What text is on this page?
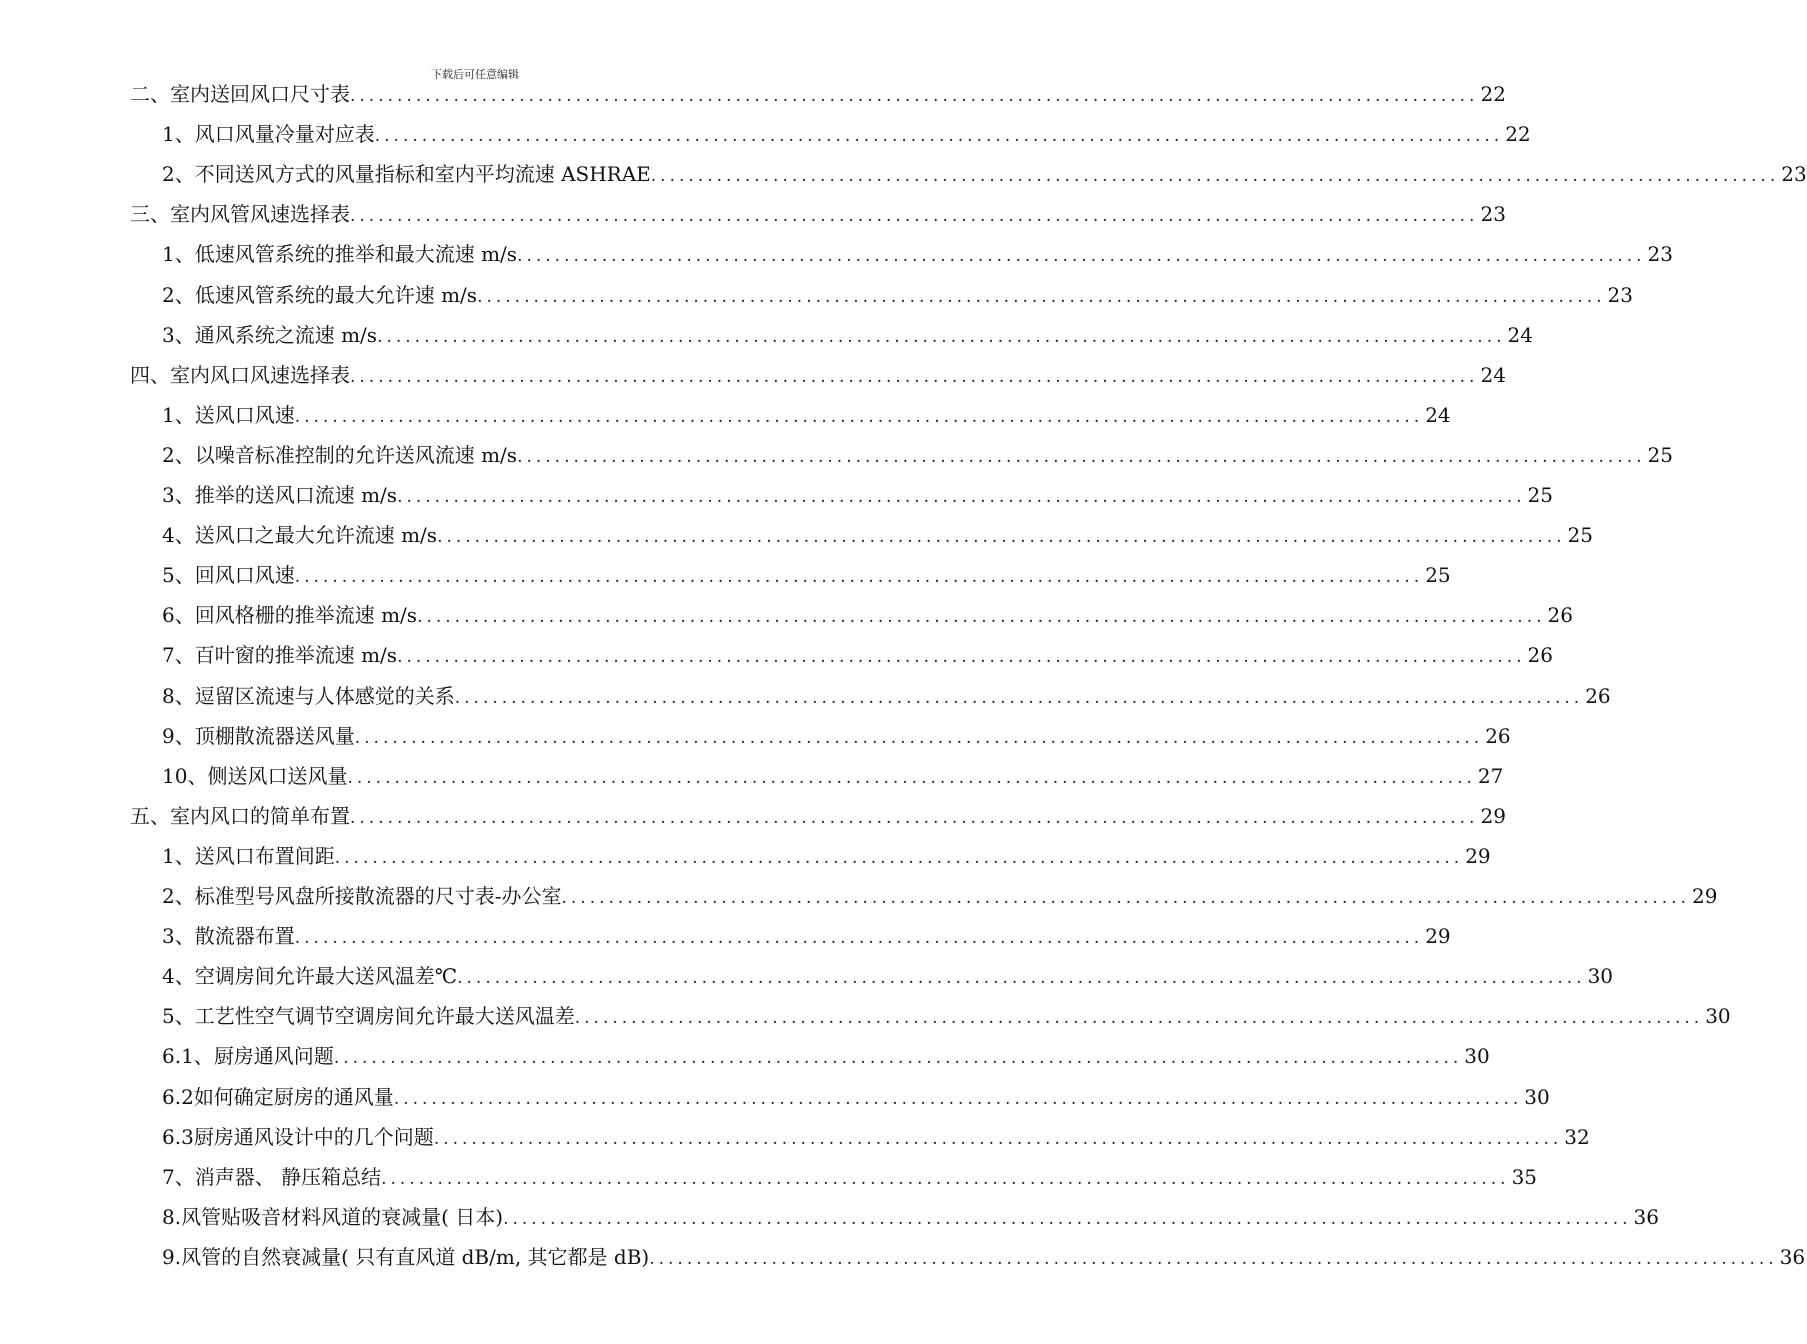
下载后可任意编辑
二、 室内送回风口尺寸表 ........................................................................................................................ 22
1、 风口风量冷量对应表 ........................................................................................................................ 22
2、 不同送风方式的风量指标和室内平均流速 ASHRAE ........................................................................................................................ 23
三、 室内风管风速选择表 ........................................................................................................................ 23
1、 低速风管系统的推举和最大流速 m/s ........................................................................................................................ 23
2、 低速风管系统的最大允许速 m/s ........................................................................................................................ 23
3、 通风系统之流速 m/s ........................................................................................................................ 24
四、 室内风口风速选择表 ........................................................................................................................ 24
1、 送风口风速 ........................................................................................................................ 24
2、 以噪音标准控制的允许送风流速 m/s ........................................................................................................................ 25
3、 推举的送风口流速 m/s ........................................................................................................................ 25
4、 送风口之最大允许流速 m/s ........................................................................................................................ 25
5、 回风口风速 ........................................................................................................................ 25
6、 回风格栅的推举流速 m/s ........................................................................................................................ 26
7、 百叶窗的推举流速 m/s ........................................................................................................................ 26
8、 逗留区流速与人体感觉的关系 ........................................................................................................................ 26
9、 顶棚散流器送风量 ........................................................................................................................ 26
10、 侧送风口送风量 ........................................................................................................................ 27
五、 室内风口的简单布置 ........................................................................................................................ 29
1、 送风口布置间距 ........................................................................................................................ 29
2、 标准型号风盘所接散流器的尺寸表-办公室 ........................................................................................................................ 29
3、 散流器布置 ........................................................................................................................ 29
4、 空调房间允许最大送风温差℃ ........................................................................................................................ 30
5、 工艺性空气调节空调房间允许最大送风温差 ........................................................................................................................ 30
6.1、 厨房通风问题 ........................................................................................................................ 30
6.2 如何确定厨房的通风量 ........................................................................................................................ 30
6.3 厨房通风设计中的几个问题 ........................................................................................................................ 32
7、 消声器、 静压箱总结 ........................................................................................................................ 35
8. 风管贴吸音材料风道的衰减量( 日本) ........................................................................................................................ 36
9. 风管的自然衰减量( 只有直风道 dB/m, 其它都是 dB) ........................................................................................................................ 36
